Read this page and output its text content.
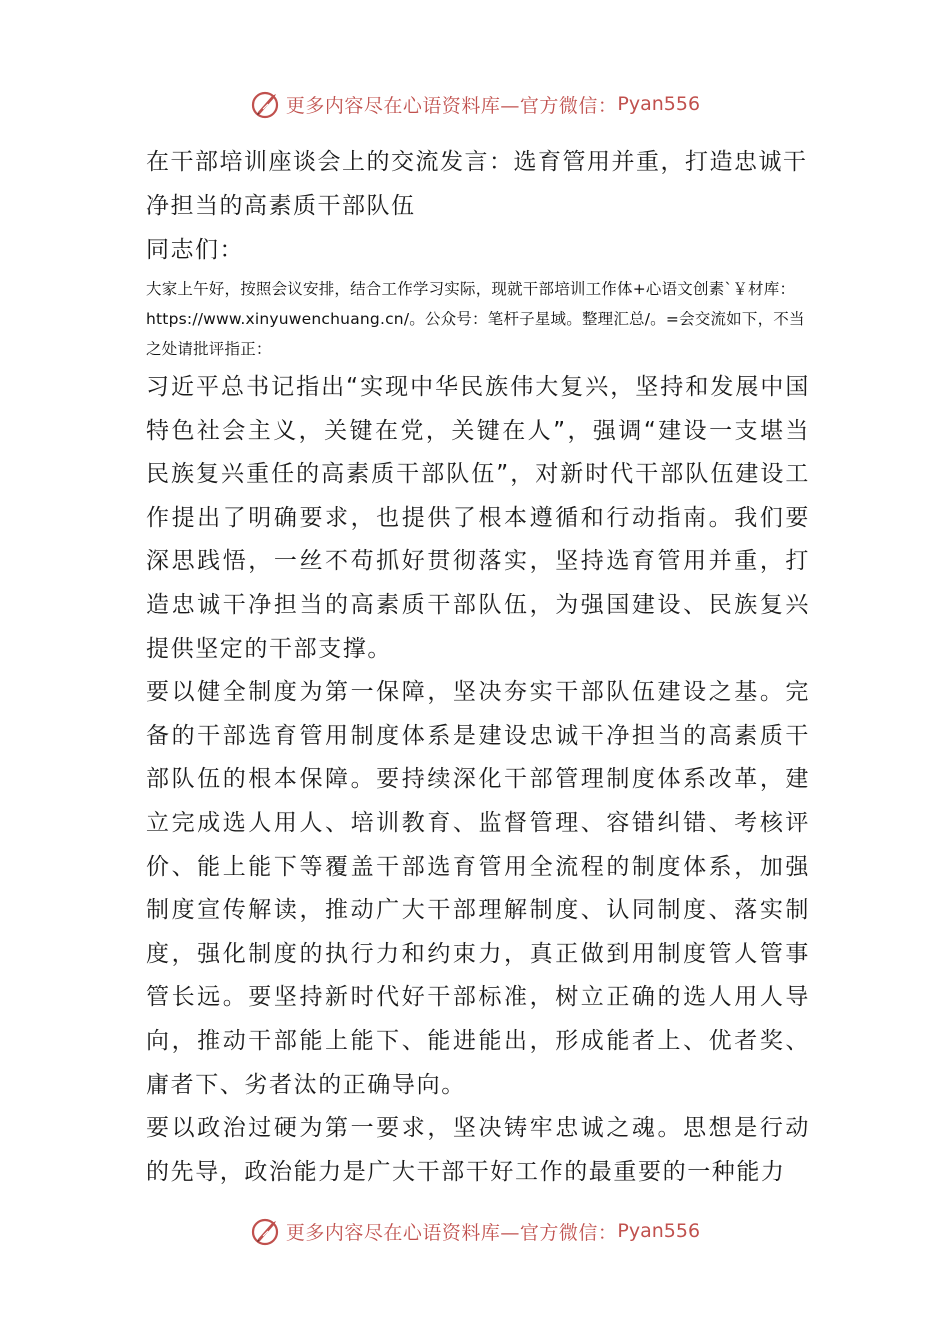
更多内容尽在心语资料库—官方微信： Pyan556

在干部培训座谈会上的交流发言：选育管用并重，打造忠诚干净担当的高素质干部队伍

同志们：

大家上午好，按照会议安排，结合工作学习实际，现就干部培训工作体+心语文创素`￥材库：https://www.xinyuwenchuang.cn/。公众号：笔杆子星域。整理汇总/。=会交流如下，不当之处请批评指正：

习近平总书记指出“实现中华民族伟大复兴，坚持和发展中国特色社会主义，关键在党，关键在人”，强调“建设一支堪当民族复兴重任的高素质干部队伍”，对新时代干部队伍建设工作提出了明确要求，也提供了根本遵循和行动指南。我们要深思践悟，一丝不苟抓好贯彻落实，坚持选育管用并重，打造忠诚干净担当的高素质干部队伍，为强国建设、民族复兴提供坚定的干部支撑。

要以健全制度为第一保障，坚决夯实干部队伍建设之基。完备的干部选育管用制度体系是建设忠诚干净担当的高素质干部队伍的根本保障。要持续深化干部管理制度体系改革，建立完成选人用人、培训教育、监督管理、容错纠错、考核评价、能上能下等覆盖干部选育管用全流程的制度体系，加强制度宣传解读，推动广大干部理解制度、认同制度、落实制度，强化制度的执行力和约束力，真正做到用制度管人管事管长远。要坚持新时代好干部标准，树立正确的选人用人导向，推动干部能上能下、能进能出，形成能者上、优者奖、庸者下、劣者汰的正确导向。

要以政治过硬为第一要求，坚决铸牢忠诚之魂。思想是行动的先导，政治能力是广大干部干好工作的最重要的一种能力

更多内容尽在心语资料库—官方微信： Pyan556
